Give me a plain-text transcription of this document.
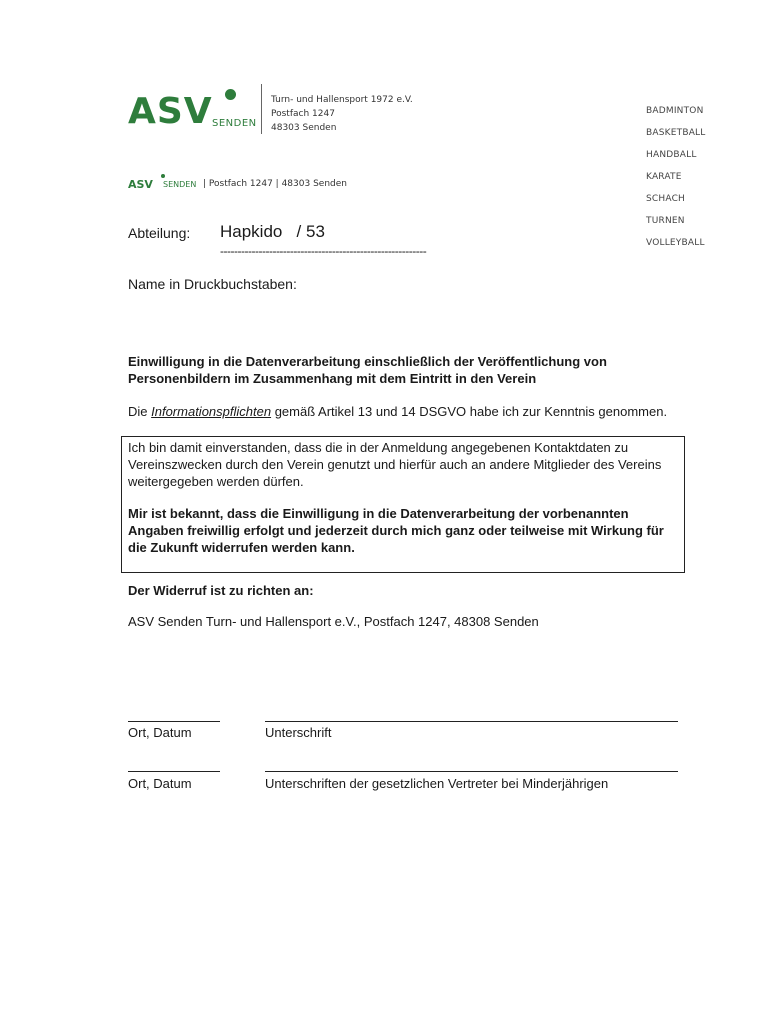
ASV SENDEN
Turn- und Hallensport 1972 e.V.
Postfach 1247
48303 Senden
BADMINTON
BASKETBALL
HANDBALL
KARATE
SCHACH
TURNEN
VOLLEYBALL
ASV SENDEN | Postfach 1247 | 48303 Senden
Abteilung: Hapkido   / 53
-----------------------------------------------------------
Name in Druckbuchstaben:
Einwilligung in die Datenverarbeitung einschließlich der Veröffentlichung von Personenbildern im Zusammenhang mit dem Eintritt in den Verein
Die Informationspflichten gemäß Artikel 13 und 14 DSGVO habe ich zur Kenntnis genommen.
Ich bin damit einverstanden, dass die in der Anmeldung angegebenen Kontaktdaten zu Vereinszwecken durch den Verein genutzt und hierfür auch an andere Mitglieder des Vereins weitergegeben werden dürfen.
Mir ist bekannt, dass die Einwilligung in die Datenverarbeitung der vorbenannten Angaben freiwillig erfolgt und jederzeit durch mich ganz oder teilweise mit Wirkung für die Zukunft widerrufen werden kann.
Der Widerruf ist zu richten an:
ASV Senden Turn- und Hallensport e.V., Postfach 1247, 48308 Senden
Ort, Datum	Unterschrift
Ort, Datum	Unterschriften der gesetzlichen Vertreter bei Minderjährigen
